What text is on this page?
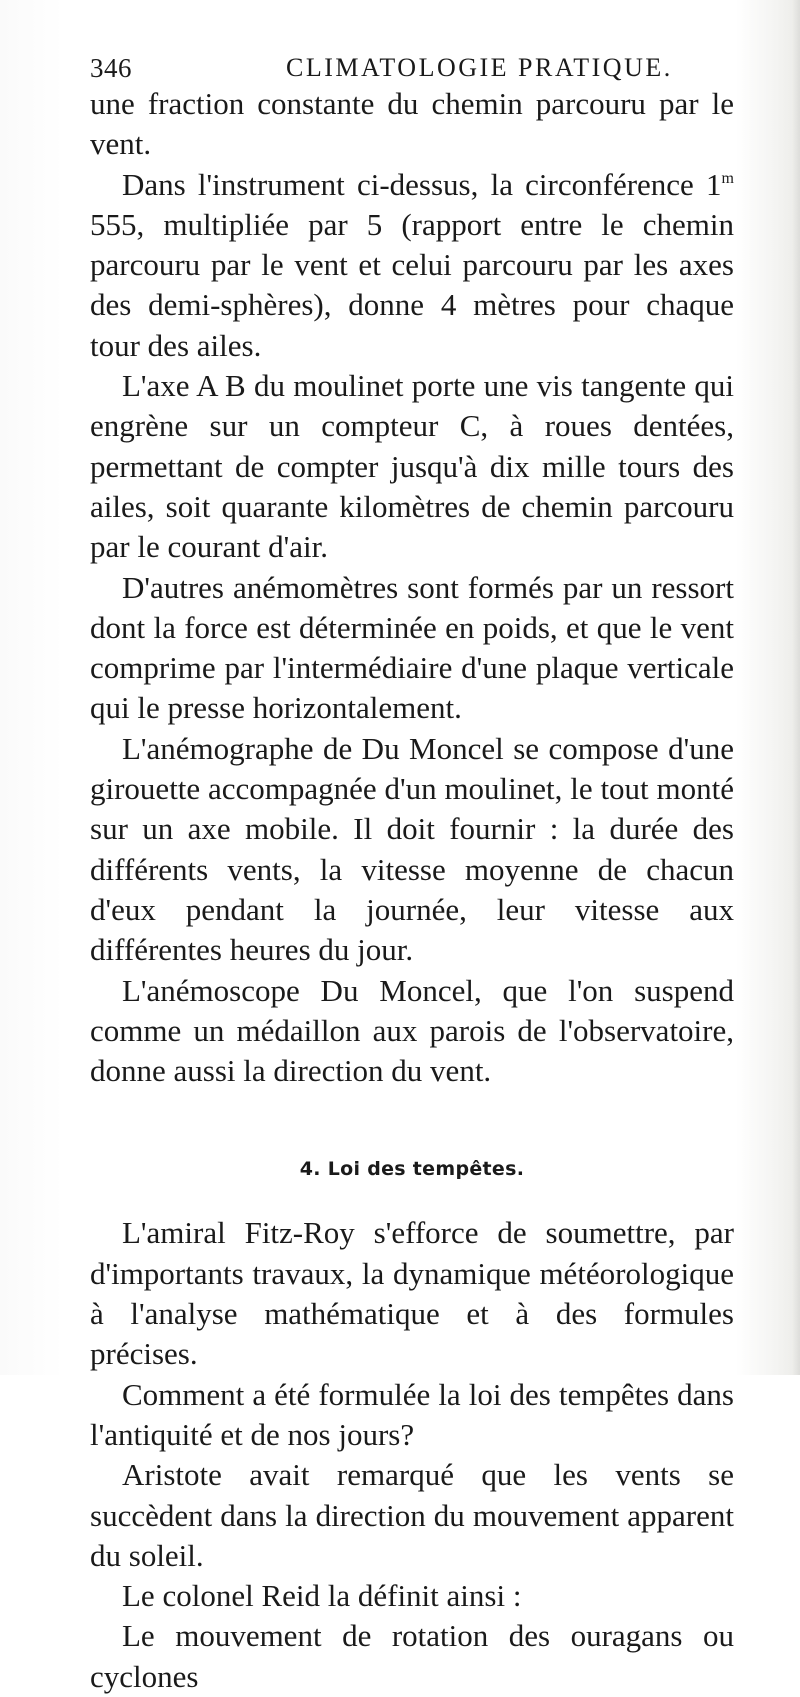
346	CLIMATOLOGIE PRATIQUE.

une fraction constante du chemin parcouru par le vent.

Dans l'instrument ci-dessus, la circonférence 1$^m$ 555, multipliée par 5 (rapport entre le chemin parcouru par le vent et celui parcouru par les axes des demi-sphères), donne 4 mètres pour chaque tour des ailes.

L'axe A B du moulinet porte une vis tangente qui engrène sur un compteur C, à roues dentées, permettant de compter jusqu'à dix mille tours des ailes, soit quarante kilomètres de chemin parcouru par le courant d'air.

D'autres anémomètres sont formés par un ressort dont la force est déterminée en poids, et que le vent comprime par l'intermédiaire d'une plaque verticale qui le presse horizontalement.

L'anémographe de Du Moncel se compose d'une girouette accompagnée d'un moulinet, le tout monté sur un axe mobile. Il doit fournir : la durée des différents vents, la vitesse moyenne de chacun d'eux pendant la journée, leur vitesse aux différentes heures du jour.

L'anémoscope Du Moncel, que l'on suspend comme un médaillon aux parois de l'observatoire, donne aussi la direction du vent.

4. Loi des tempêtes.

L'amiral Fitz-Roy s'efforce de soumettre, par d'importants travaux, la dynamique météorologique à l'analyse mathématique et à des formules précises.

Comment a été formulée la loi des tempêtes dans l'antiquité et de nos jours?

Aristote avait remarqué que les vents se succèdent dans la direction du mouvement apparent du soleil.

Le colonel Reid la définit ainsi :

Le mouvement de rotation des ouragans ou cyclones
